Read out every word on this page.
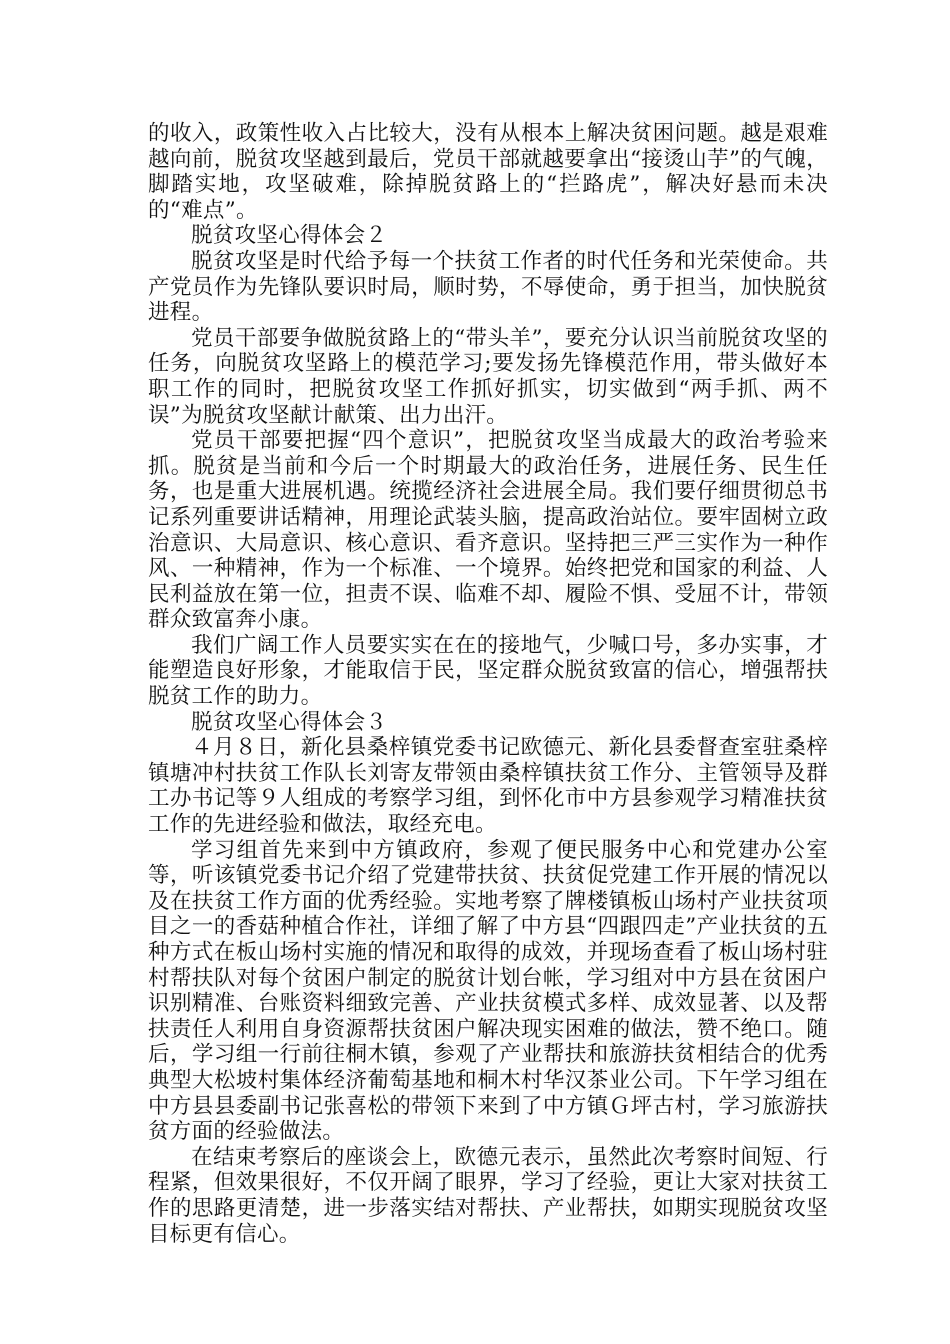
的收入，政策性收入占比较大，没有从根本上解决贫困问题。越是艰难越向前，脱贫攻坚越到最后，党员干部就越要拿出“接烫山芋”的气魄，脚踏实地，攻坚破难，除掉脱贫路上的“拦路虎”，解决好悬而未决的“难点”。

脱贫攻坚心得体会２

脱贫攻坚是时代给予每一个扶贫工作者的时代任务和光荣使命。共产党员作为先锋队要识时局，顺时势，不辱使命，勇于担当，加快脱贫进程。

党员干部要争做脱贫路上的“带头羊”，要充分认识当前脱贫攻坚的任务，向脱贫攻坚路上的模范学习;要发扬先锋模范作用，带头做好本职工作的同时，把脱贫攻坚工作抓好抓实，切实做到“两手抓、两不误”为脱贫攻坚献计献策、出力出汗。

党员干部要把握“四个意识”，把脱贫攻坚当成最大的政治考验来抓。脱贫是当前和今后一个时期最大的政治任务，进展任务、民生任务，也是重大进展机遇。统揽经济社会进展全局。我们要仔细贯彻总书记系列重要讲话精神，用理论武装头脑，提高政治站位。要牢固树立政治意识、大局意识、核心意识、看齐意识。坚持把三严三实作为一种作风、一种精神，作为一个标准、一个境界。始终把党和国家的利益、人民利益放在第一位，担责不误、临难不却、履险不惧、受屈不计，带领群众致富奔小康。

我们广阔工作人员要实实在在的接地气，少喊口号，多办实事，才能塑造良好形象，才能取信于民，坚定群众脱贫致富的信心，增强帮扶脱贫工作的助力。

脱贫攻坚心得体会３

４月８日，新化县桑梓镇党委书记欧德元、新化县委督查室驻桑梓镇塘冲村扶贫工作队长刘寄友带领由桑梓镇扶贫工作分、主管领导及群工办书记等９人组成的考察学习组，到怀化市中方县参观学习精准扶贫工作的先进经验和做法，取经充电。

学习组首先来到中方镇政府，参观了便民服务中心和党建办公室等，听该镇党委书记介绍了党建带扶贫、扶贫促党建工作开展的情况以及在扶贫工作方面的优秀经验。实地考察了牌楼镇板山场村产业扶贫项目之一的香菇种植合作社，详细了解了中方县“四跟四走”产业扶贫的五种方式在板山场村实施的情况和取得的成效，并现场查看了板山场村驻村帮扶队对每个贫困户制定的脱贫计划台帐，学习组对中方县在贫困户识别精准、台账资料细致完善、产业扶贫模式多样、成效显著、以及帮扶责任人利用自身资源帮扶贫困户解决现实困难的做法，赞不绝口。随后，学习组一行前往桐木镇，参观了产业帮扶和旅游扶贫相结合的优秀典型大松坡村集体经济葡萄基地和桐木村华汉茶业公司。下午学习组在中方县县委副书记张喜松的带领下来到了中方镇Ｇ坪古村，学习旅游扶贫方面的经验做法。

在结束考察后的座谈会上，欧德元表示，虽然此次考察时间短、行程紧，但效果很好，不仅开阔了眼界，学习了经验，更让大家对扶贫工作的思路更清楚，进一步落实结对帮扶、产业帮扶，如期实现脱贫攻坚目标更有信心。
